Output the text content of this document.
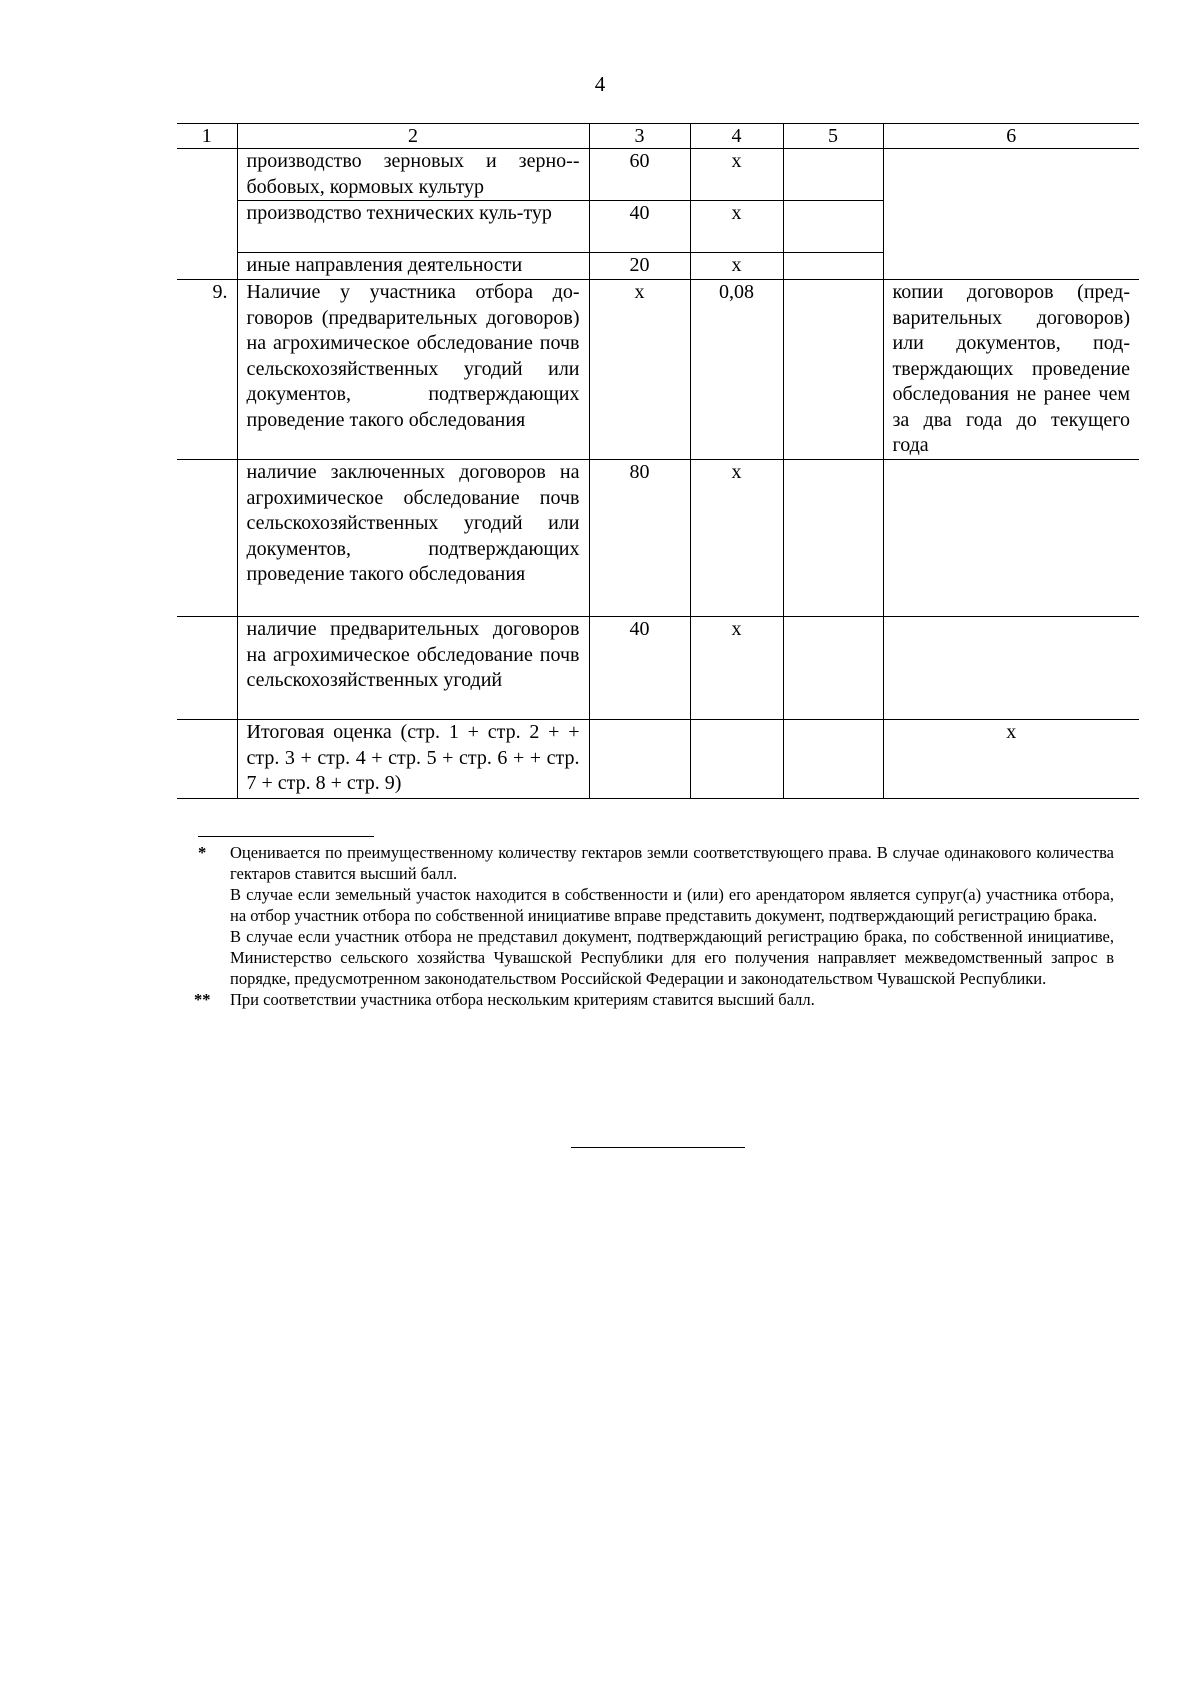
4
1	2	3	4	5	6
	производство зерновых и зерно-бобовых, кормовых культур	60	х		
	производство технических куль-тур	40	х		
	иные направления деятельности	20	х		
9.	Наличие у участника отбора договоров (предварительных договоров) на агрохимическое обследование почв сельскохозяйственных угодий или документов, подтверждающих проведение такого обследования	х	0,08		копии договоров (предварительных договоров) или документов, подтверждающих проведение обследования не ранее чем за два года до текущего года
	наличие заключенных договоров на агрохимическое обследование почв сельскохозяйственных угодий или документов, подтверждающих проведение такого обследования	80	х		
	наличие предварительных договоров на агрохимическое обследование почв сельскохозяйственных угодий	40	х		
	Итоговая оценка (стр. 1 + стр. 2 + + стр. 3 + стр. 4 + стр. 5 + стр. 6 + + стр. 7 + стр. 8 + стр. 9)				х
*	Оценивается по преимущественному количеству гектаров земли соответствующего права. В случае одинакового количества гектаров ставится высший балл.
В случае если земельный участок находится в собственности и (или) его арендатором является супруг(а) участника отбора, на отбор участник отбора по собственной инициативе вправе представить документ, подтверждающий регистрацию брака.
В случае если участник отбора не представил документ, подтверждающий регистрацию брака, по собственной инициативе, Министерство сельского хозяйства Чувашской Республики для его получения направляет межведомственный запрос в порядке, предусмотренном законодательством Российской Федерации и законодательством Чувашской Республики.
**	При соответствии участника отбора нескольким критериям ставится высший балл.
